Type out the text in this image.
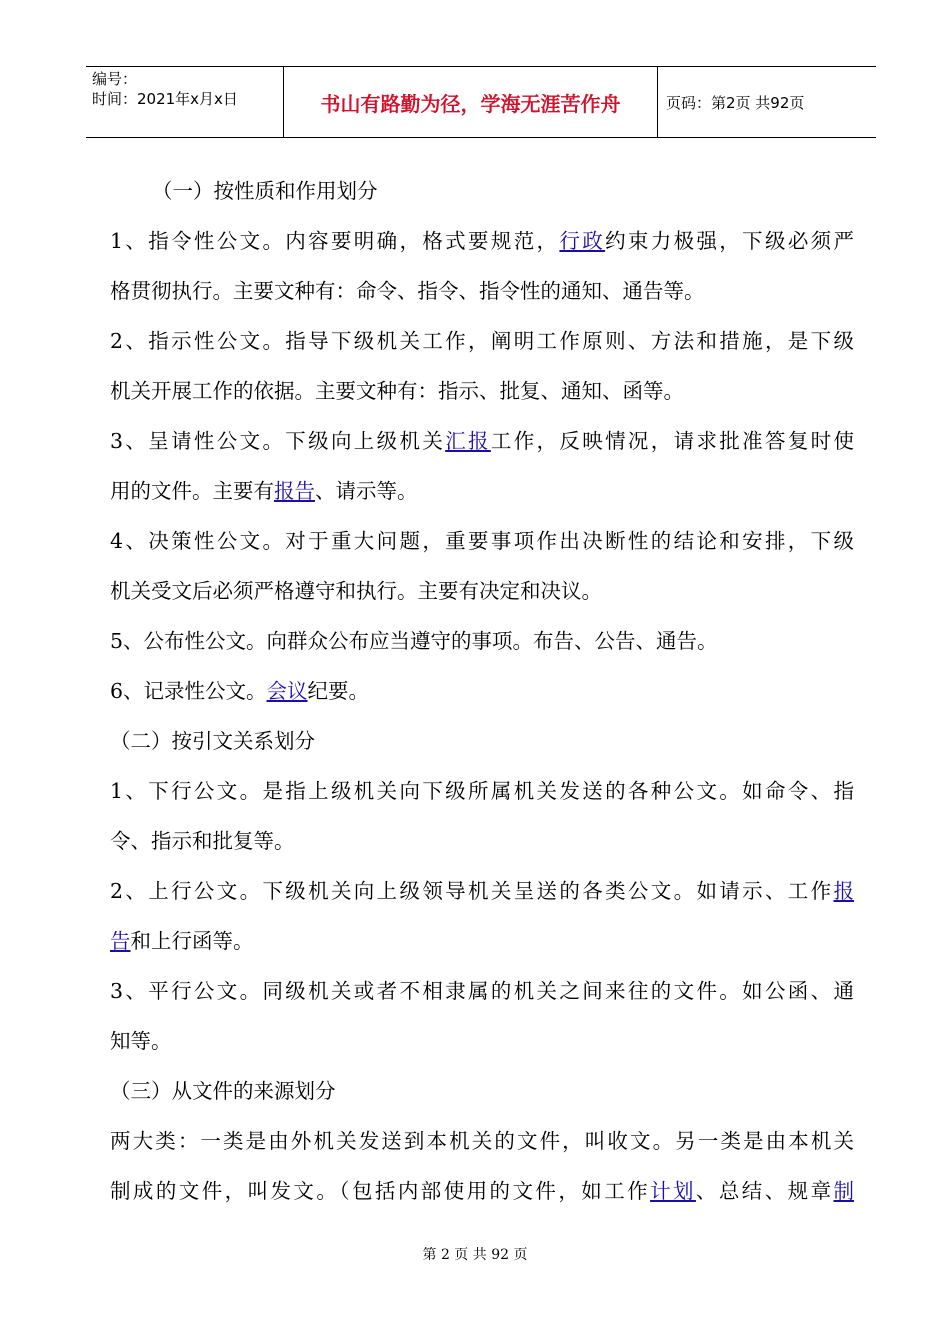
编号：
时间：2021年x月x日	书山有路勤为径，学海无涯苦作舟	页码：第2页 共92页
（一）按性质和作用划分
1、指令性公文。内容要明确，格式要规范，行政约束力极强，下级必须严
格贯彻执行。主要文种有：命令、指令、指令性的通知、通告等。
2、指示性公文。指导下级机关工作，阐明工作原则、方法和措施，是下级
机关开展工作的依据。主要文种有：指示、批复、通知、函等。
3、呈请性公文。下级向上级机关汇报工作，反映情况，请求批准答复时使
用的文件。主要有报告、请示等。
4、决策性公文。对于重大问题，重要事项作出决断性的结论和安排，下级
机关受文后必须严格遵守和执行。主要有决定和决议。
5、公布性公文。向群众公布应当遵守的事项。布告、公告、通告。
6、记录性公文。会议纪要。
（二）按引文关系划分
1、下行公文。是指上级机关向下级所属机关发送的各种公文。如命令、指
令、指示和批复等。
2、上行公文。下级机关向上级领导机关呈送的各类公文。如请示、工作报
告和上行函等。
3、平行公文。同级机关或者不相隶属的机关之间来往的文件。如公函、通
知等。
（三）从文件的来源划分
两大类：一类是由外机关发送到本机关的文件，叫收文。另一类是由本机关
制成的文件，叫发文。（包括内部使用的文件，如工作计划、总结、规章制
第 2 页 共 92 页
